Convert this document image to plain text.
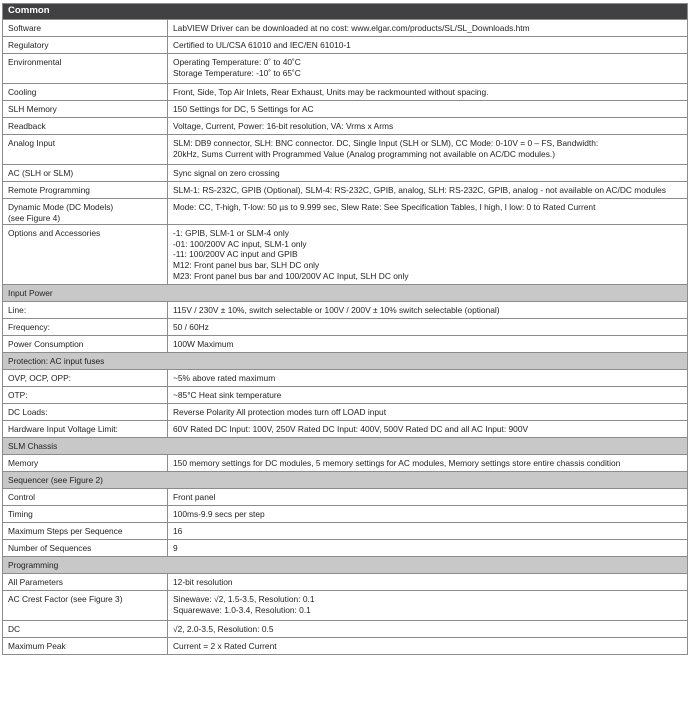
Common	

Software	LabVIEW Driver can be downloaded at no cost: www.elgar.com/products/SL/SL_Downloads.htm

Regulatory	Certified to UL/CSA 61010 and IEC/EN 61010-1

Environmental	Operating Temperature: 0˚ to 40˚C
Storage Temperature: -10˚ to 65˚C

Cooling	Front, Side, Top Air Inlets, Rear Exhaust, Units may be rackmounted without spacing.

SLH Memory	150 Settings for DC, 5 Settings for AC

Readback	Voltage, Current, Power: 16-bit resolution, VA: Vrms x Arms

Analog Input	SLM: DB9 connector, SLH: BNC connector. DC, Single Input (SLH or SLM), CC Mode: 0-10V = 0 – FS, Bandwidth:
20kHz, Sums Current with Programmed Value (Analog programming not available on AC/DC modules.)

AC (SLH or SLM)	Sync signal on zero crossing

Remote Programming	SLM-1: RS-232C, GPIB (Optional), SLM-4: RS-232C, GPIB, analog, SLH: RS-232C, GPIB, analog - not available on AC/DC modules

Dynamic Mode (DC Models)
(see Figure 4)	Mode: CC, T-high, T-low: 50 µs to 9.999 sec, Slew Rate: See Specification Tables, I high, I low: 0 to Rated Current

Options and Accessories	-1: GPIB, SLM-1 or SLM-4 only
-01: 100/200V AC input, SLM-1 only
-11: 100/200V AC input and GPIB
M12: Front panel bus bar, SLH DC only
M23: Front panel bus bar and 100/200V AC Input, SLH DC only

Input Power	

Line:	115V / 230V ± 10%, switch selectable or 100V / 200V ± 10% switch selectable (optional)

Frequency:	50 / 60Hz

Power Consumption	100W Maximum

Protection: AC input fuses	

OVP, OCP, OPP:	~5% above rated maximum

OTP:	~85°C Heat sink temperature

DC Loads:	Reverse Polarity All protection modes turn off LOAD input

Hardware Input Voltage Limit:	60V Rated DC Input: 100V, 250V Rated DC Input: 400V, 500V Rated DC and all AC Input: 900V

SLM Chassis	

Memory	150 memory settings for DC modules, 5 memory settings for AC modules, Memory settings store entire chassis condition

Sequencer (see Figure 2)	

Control	Front panel

Timing	100ms-9.9 secs per step

Maximum Steps per Sequence	16

Number of Sequences	9

Programming	

All Parameters	12-bit resolution

AC Crest Factor (see Figure 3)	Sinewave: √2, 1.5-3.5, Resolution: 0.1
Squarewave: 1.0-3.4, Resolution: 0.1

DC	√2, 2.0-3.5, Resolution: 0.5

Maximum Peak	Current = 2 x Rated Current
